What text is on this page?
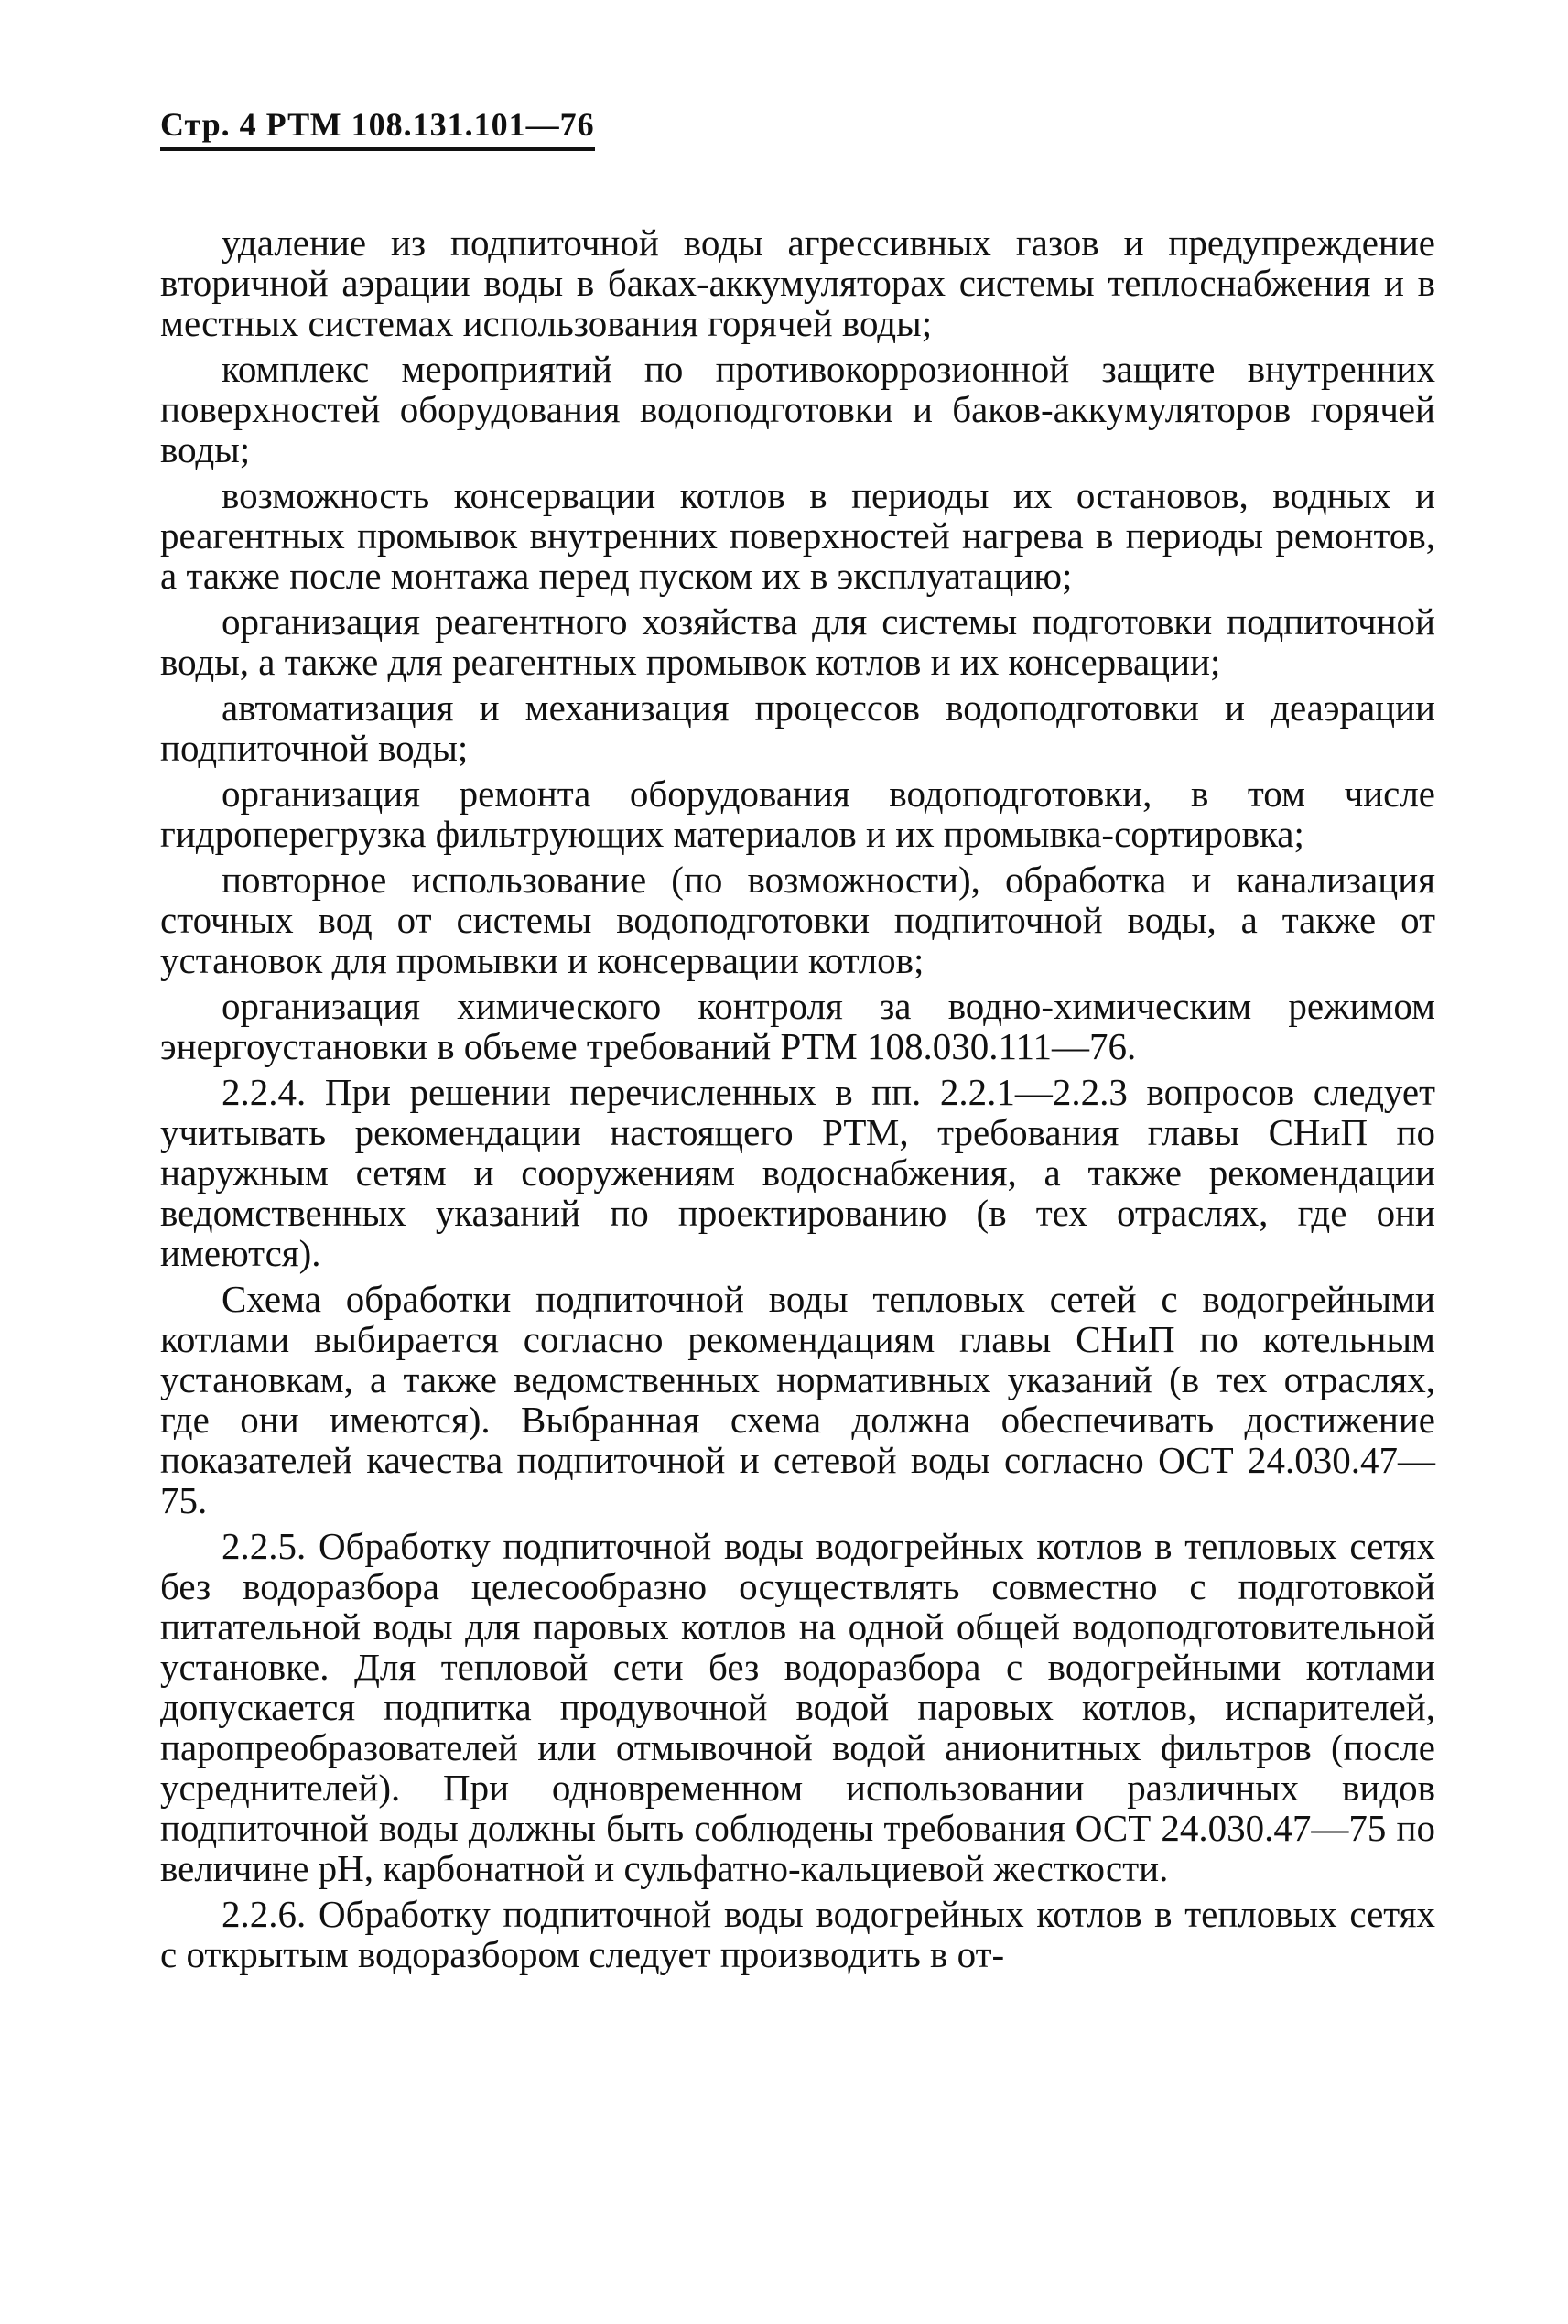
Стр. 4 РТМ 108.131.101—76

удаление из подпиточной воды агрессивных газов и предупреждение вторичной аэрации воды в баках-аккумуляторах системы теплоснабжения и в местных системах использования горячей воды;

комплекс мероприятий по противокоррозионной защите внутренних поверхностей оборудования водоподготовки и баков-аккумуляторов горячей воды;

возможность консервации котлов в периоды их остановов, водных и реагентных промывок внутренних поверхностей нагрева в периоды ремонтов, а также после монтажа перед пуском их в эксплуатацию;

организация реагентного хозяйства для системы подготовки подпиточной воды, а также для реагентных промывок котлов и их консервации;

автоматизация и механизация процессов водоподготовки и деаэрации подпиточной воды;

организация ремонта оборудования водоподготовки, в том числе гидроперегрузка фильтрующих материалов и их промывка-сортировка;

повторное использование (по возможности), обработка и канализация сточных вод от системы водоподготовки подпиточной воды, а также от установок для промывки и консервации котлов;

организация химического контроля за водно-химическим режимом энергоустановки в объеме требований РТМ 108.030.111—76.

2.2.4. При решении перечисленных в пп. 2.2.1—2.2.3 вопросов следует учитывать рекомендации настоящего РТМ, требования главы СНиП по наружным сетям и сооружениям водоснабжения, а также рекомендации ведомственных указаний по проектированию (в тех отраслях, где они имеются).

Схема обработки подпиточной воды тепловых сетей с водогрейными котлами выбирается согласно рекомендациям главы СНиП по котельным установкам, а также ведомственных нормативных указаний (в тех отраслях, где они имеются). Выбранная схема должна обеспечивать достижение показателей качества подпиточной и сетевой воды согласно ОСТ 24.030.47—75.

2.2.5. Обработку подпиточной воды водогрейных котлов в тепловых сетях без водоразбора целесообразно осуществлять совместно с подготовкой питательной воды для паровых котлов на одной общей водоподготовительной установке. Для тепловой сети без водоразбора с водогрейными котлами допускается подпитка продувочной водой паровых котлов, испарителей, паропреобразователей или отмывочной водой анионитных фильтров (после усреднителей). При одновременном использовании различных видов подпиточной воды должны быть соблюдены требования ОСТ 24.030.47—75 по величине pH, карбонатной и сульфатно-кальциевой жесткости.

2.2.6. Обработку подпиточной воды водогрейных котлов в тепловых сетях с открытым водоразбором следует производить в от-
